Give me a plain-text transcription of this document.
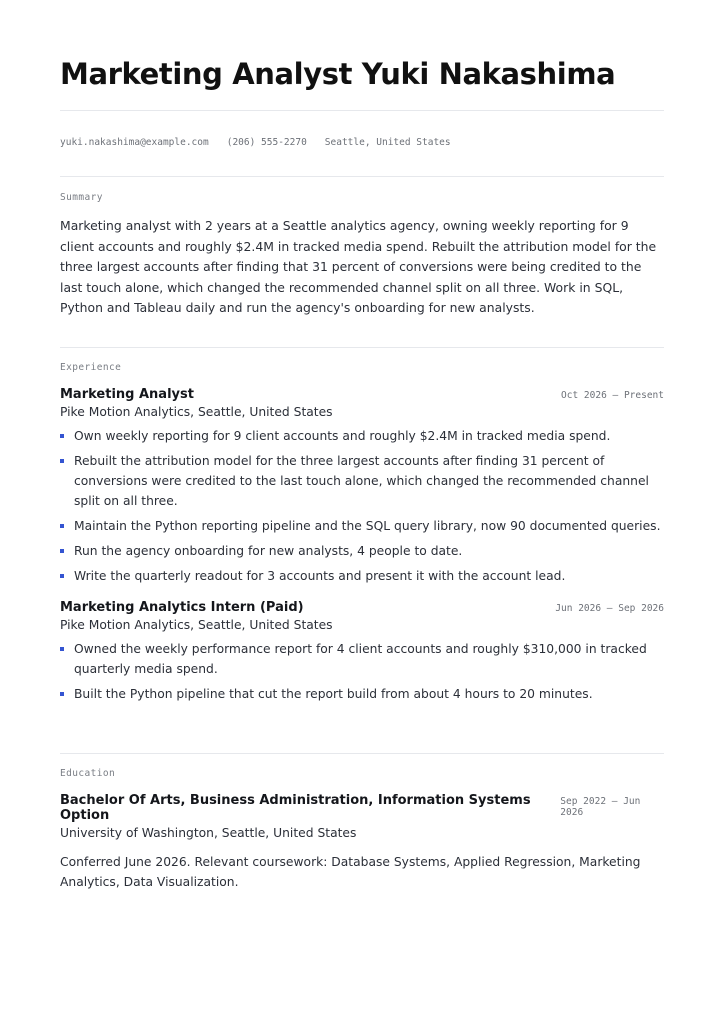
Marketing Analyst Yuki Nakashima
yuki.nakashima@example.com (206) 555-2270 Seattle, United States
Summary

Marketing analyst with 2 years at a Seattle analytics agency, owning weekly reporting for 9 client accounts and roughly $2.4M in tracked media spend. Rebuilt the attribution model for the three largest accounts after finding that 31 percent of conversions were being credited to the last touch alone, which changed the recommended channel split on all three. Work in SQL, Python and Tableau daily and run the agency's onboarding for new analysts.

Experience
Marketing Analyst	Oct 2026 — Present
Pike Motion Analytics, Seattle, United States
Own weekly reporting for 9 client accounts and roughly $2.4M in tracked media spend.
Rebuilt the attribution model for the three largest accounts after finding 31 percent of conversions were credited to the last touch alone, which changed the recommended channel split on all three.
Maintain the Python reporting pipeline and the SQL query library, now 90 documented queries.
Run the agency onboarding for new analysts, 4 people to date.
Write the quarterly readout for 3 accounts and present it with the account lead.
Marketing Analytics Intern (Paid)	Jun 2026 — Sep 2026
Pike Motion Analytics, Seattle, United States
Owned the weekly performance report for 4 client accounts and roughly $310,000 in tracked quarterly media spend.
Built the Python pipeline that cut the report build from about 4 hours to 20 minutes.
Education
Bachelor Of Arts, Business Administration, Information Systems Option
Sep 2022 — Jun 2026
University of Washington, Seattle, United States

Conferred June 2026. Relevant coursework: Database Systems, Applied Regression, Marketing Analytics, Data Visualization.
